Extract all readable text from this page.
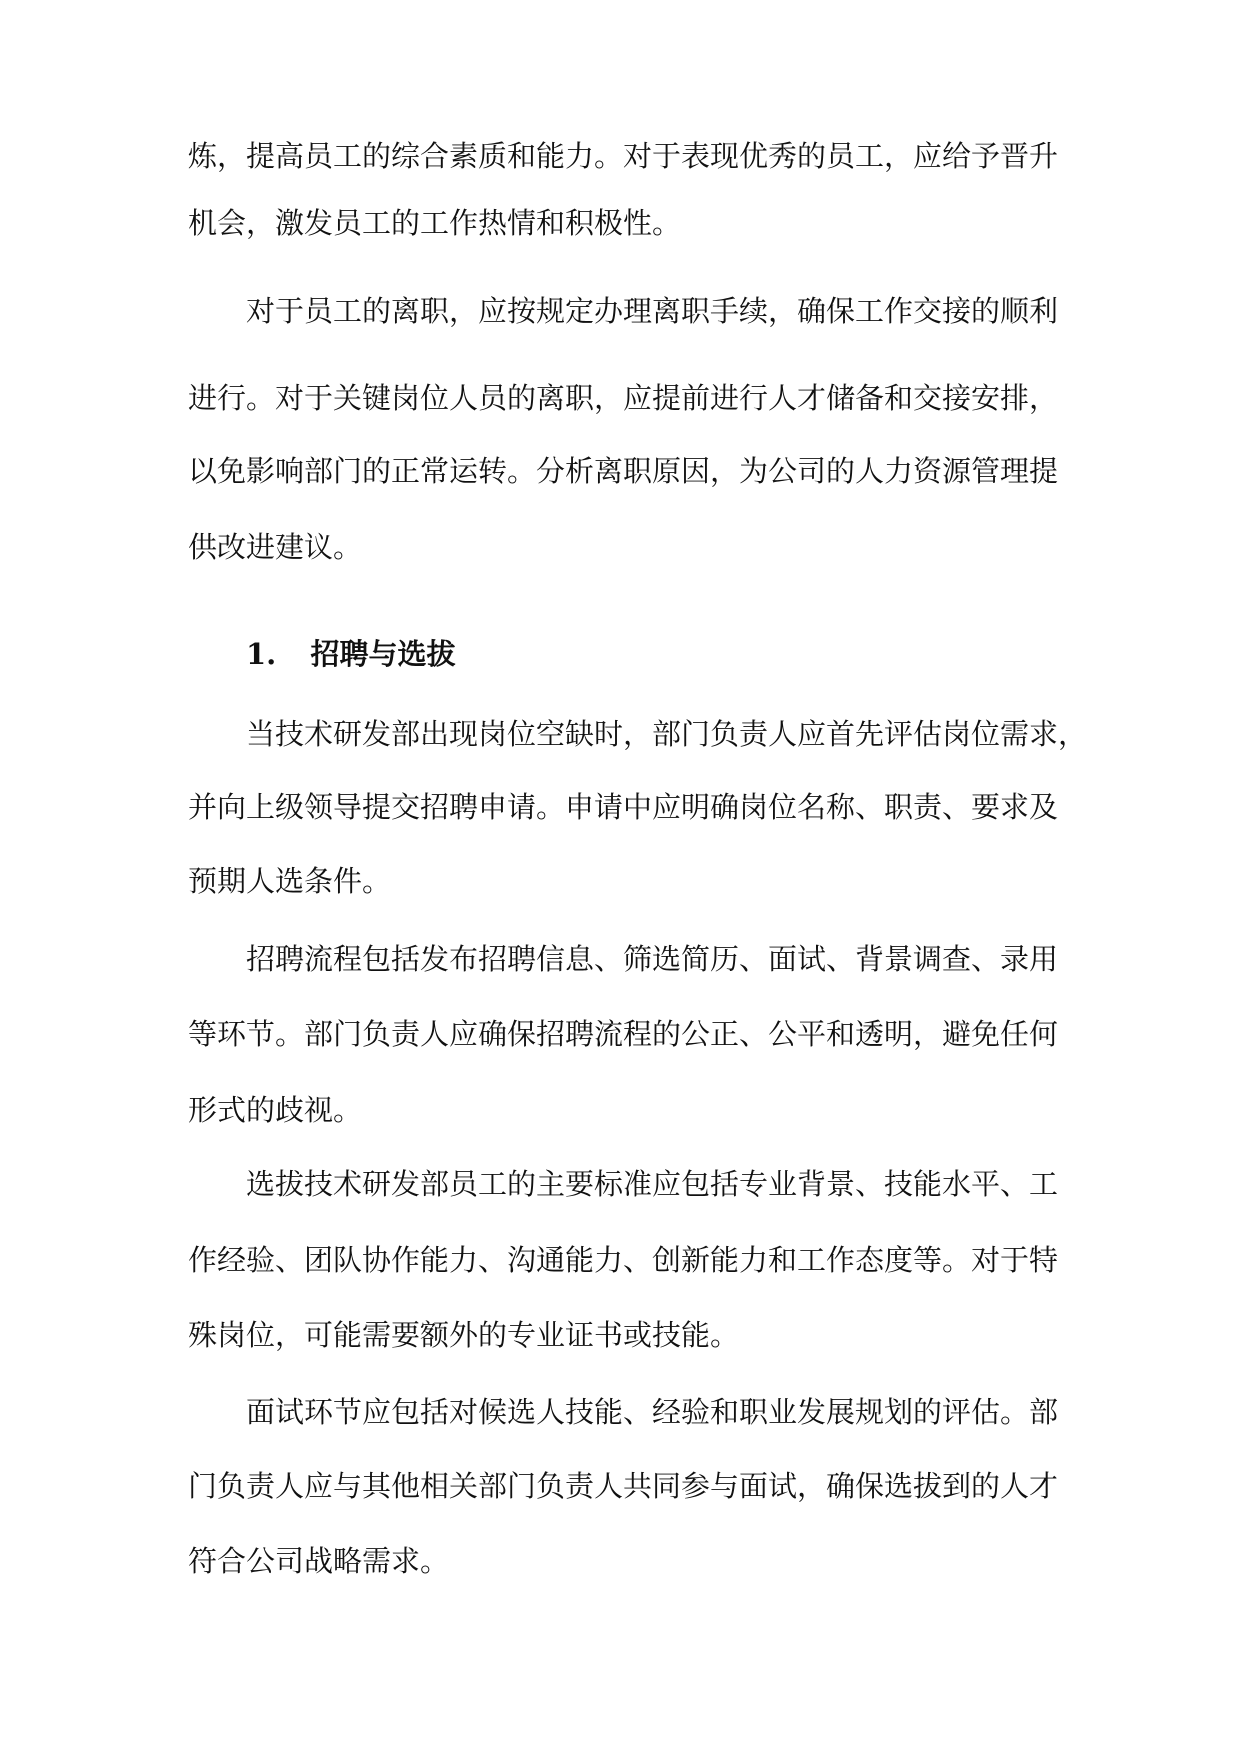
炼，提高员工的综合素质和能力。对于表现优秀的员工，应给予晋升
机会，激发员工的工作热情和积极性。
对于员工的离职，应按规定办理离职手续，确保工作交接的顺利
进行。对于关键岗位人员的离职，应提前进行人才储备和交接安排，
以免影响部门的正常运转。分析离职原因，为公司的人力资源管理提
供改进建议。
1. 招聘与选拔
当技术研发部出现岗位空缺时，部门负责人应首先评估岗位需求，
并向上级领导提交招聘申请。申请中应明确岗位名称、职责、要求及
预期人选条件。
招聘流程包括发布招聘信息、筛选简历、面试、背景调查、录用
等环节。部门负责人应确保招聘流程的公正、公平和透明，避免任何
形式的歧视。
选拔技术研发部员工的主要标准应包括专业背景、技能水平、工
作经验、团队协作能力、沟通能力、创新能力和工作态度等。对于特
殊岗位，可能需要额外的专业证书或技能。
面试环节应包括对候选人技能、经验和职业发展规划的评估。部
门负责人应与其他相关部门负责人共同参与面试，确保选拔到的人才
符合公司战略需求。
